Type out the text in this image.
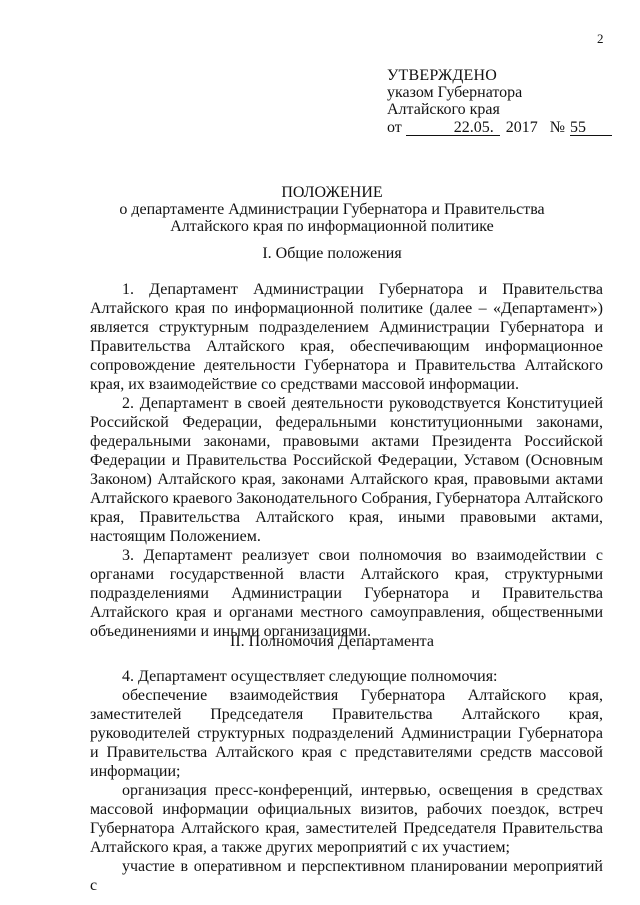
2
УТВЕРЖДЕНО
указом Губернатора
Алтайского края
от	22.05. 2017 № 55
ПОЛОЖЕНИЕ
о департаменте Администрации Губернатора и Правительства
Алтайского края по информационной политике
I. Общие положения

1. Департамент Администрации Губернатора и Правительства Алтайского края по информационной политике (далее – «Департамент») является структурным подразделением Администрации Губернатора и Правительства Алтайского края, обеспечивающим информационное сопровождение деятельности Губернатора и Правительства Алтайского края, их взаимодействие со средствами массовой информации.

2. Департамент в своей деятельности руководствуется Конституцией Российской Федерации, федеральными конституционными законами, федеральными законами, правовыми актами Президента Российской Федерации и Правительства Российской Федерации, Уставом (Основным Законом) Алтайского края, законами Алтайского края, правовыми актами Алтайского краевого Законодательного Собрания, Губернатора Алтайского края, Правительства Алтайского края, иными правовыми актами, настоящим Положением.

3. Департамент реализует свои полномочия во взаимодействии с органами государственной власти Алтайского края, структурными подразделениями Администрации Губернатора и Правительства Алтайского края и органами местного самоуправления, общественными объединениями и иными организациями.

II. Полномочия Департамента

4. Департамент осуществляет следующие полномочия:

обеспечение взаимодействия Губернатора Алтайского края, заместителей Председателя Правительства Алтайского края, руководителей структурных подразделений Администрации Губернатора и Правительства Алтайского края с представителями средств массовой информации;

организация пресс-конференций, интервью, освещения в средствах массовой информации официальных визитов, рабочих поездок, встреч Губернатора Алтайского края, заместителей Председателя Правительства Алтайского края, а также других мероприятий с их участием;

участие в оперативном и перспективном планировании мероприятий с
